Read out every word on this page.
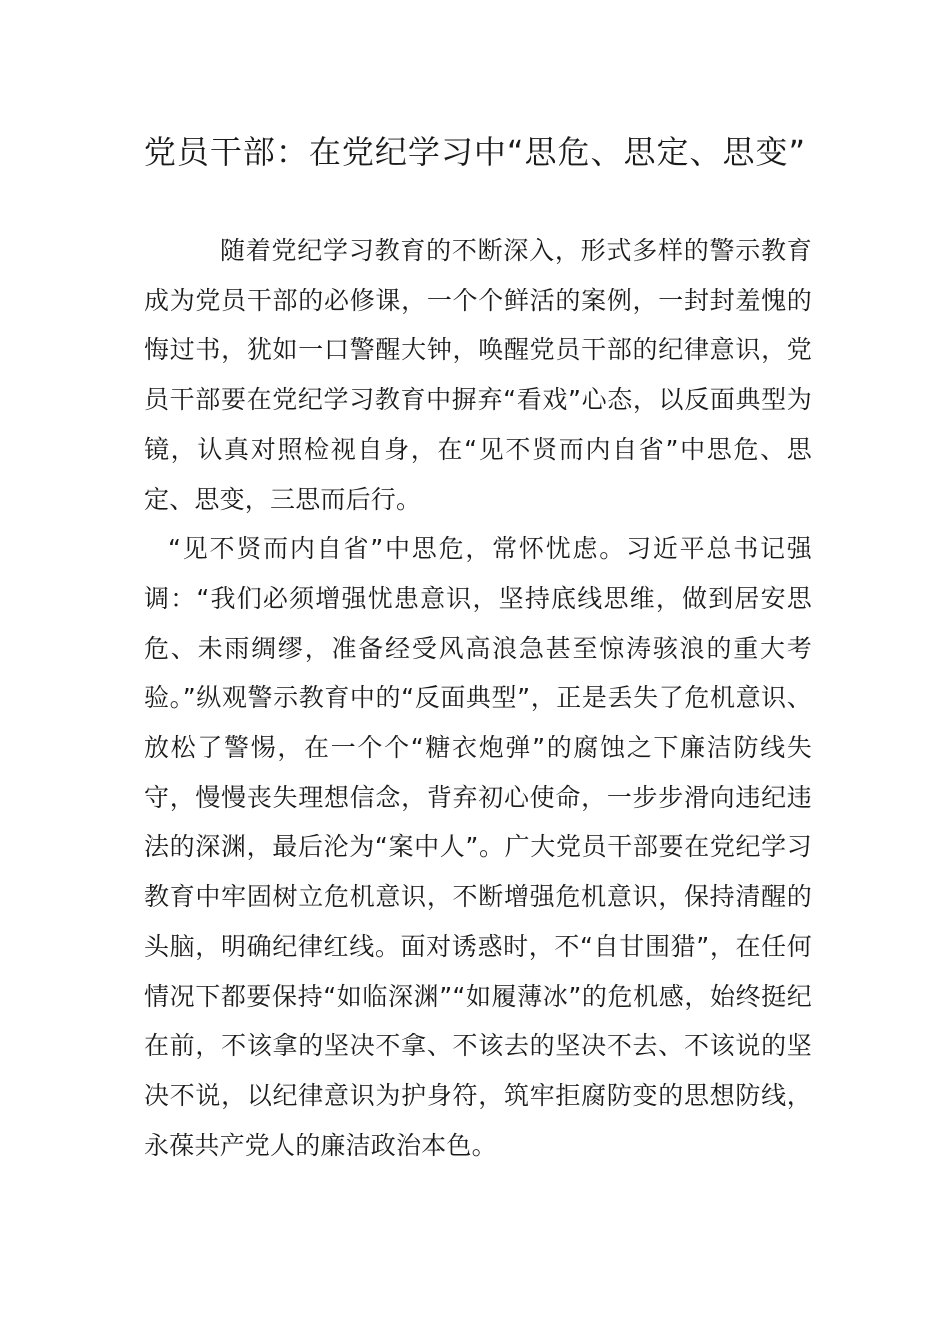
党员干部：在党纪学习中“思危、思定、思变”

随着党纪学习教育的不断深入，形式多样的警示教育成为党员干部的必修课，一个个鲜活的案例，一封封羞愧的悔过书，犹如一口警醒大钟，唤醒党员干部的纪律意识，党员干部要在党纪学习教育中摒弃“看戏”心态，以反面典型为镜，认真对照检视自身，在“见不贤而内自省”中思危、思定、思变，三思而后行。

“见不贤而内自省”中思危，常怀忧虑。习近平总书记强调：“我们必须增强忧患意识，坚持底线思维，做到居安思危、未雨绸缪，准备经受风高浪急甚至惊涛骇浪的重大考验。”纵观警示教育中的“反面典型”，正是丢失了危机意识、放松了警惕，在一个个“糖衣炮弹”的腐蚀之下廉洁防线失守，慢慢丧失理想信念，背弃初心使命，一步步滑向违纪违法的深渊，最后沦为“案中人”。广大党员干部要在党纪学习教育中牢固树立危机意识，不断增强危机意识，保持清醒的头脑，明确纪律红线。面对诱惑时，不“自甘围猎”，在任何情况下都要保持“如临深渊”“如履薄冰”的危机感，始终挺纪在前，不该拿的坚决不拿、不该去的坚决不去、不该说的坚决不说，以纪律意识为护身符，筑牢拒腐防变的思想防线，永葆共产党人的廉洁政治本色。
